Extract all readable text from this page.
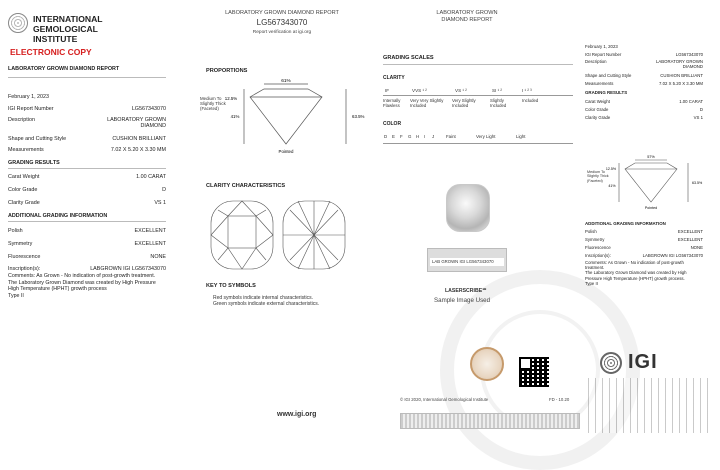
INTERNATIONAL
GEMOLOGICAL
INSTITUTE
ELECTRONIC COPY
LABORATORY GROWN DIAMOND REPORT
February 1, 2023
IGI Report Number	LG567343070
Description	LABORATORY GROWN
DIAMOND
Shape and Cutting Style	CUSHION BRILLIANT
Measurements	7.02 X 5.20 X 3.30 MM
GRADING RESULTS
Carat Weight	1.00 CARAT
Color Grade	D
Clarity Grade	VS 1
ADDITIONAL GRADING INFORMATION
Polish	EXCELLENT
Symmetry	EXCELLENT
Fluorescence	NONE
Inscription(s):	LABGROWN IGI LG567343070
Comments: As Grown - No indication of post-growth treatment.
The Laboratory Grown Diamond was created by High Pressure High Temperature (HPHT) growth process
Type II
LABORATORY GROWN DIAMOND REPORT
LG567343070
Report verification at igi.org
PROPORTIONS
61%
12.5%
41%	63.5%
Pointed
Medium To
Slightly Thick
(Faceted)
CLARITY CHARACTERISTICS
KEY TO SYMBOLS
Red symbols indicate internal characteristics.
Green symbols indicate external characteristics.
www.igi.org
LABORATORY GROWN
DIAMOND REPORT
GRADING SCALES
CLARITY
IF	VVS ¹ ²	VS ¹ ²	SI ¹ ²	I ¹ ² ³
Internally Flawless
Very Very Slightly Included
Very Slightly Included
Slightly Included
Included
COLOR
D	E	F	G	H	I	J	Faint	Very Light	Light
LAB GROWN IGI LG567343070
LASERSCRIBE℠
Sample Image Used
© IGI 2020, International Gemological Institute	FD - 10.20
February 1, 2023
IGI Report Number	LG567343070
Description	LABORATORY GROWN
DIAMOND
Shape and Cutting Style	CUSHION BRILLIANT
Measurements	7.02 X 5.20 X 3.30 MM
GRADING RESULTS
Carat Weight	1.00 CARAT
Color Grade	D
Clarity Grade	VS 1
57%
12.5%
41%
63.5%
Pointed
Medium To
Slightly Thick
(Faceted)
ADDITIONAL GRADING INFORMATION
Polish	EXCELLENT
Symmetry	EXCELLENT
Fluorescence	NONE
Inscription(s):	LABGROWN IGI LG567343070
Comments: As Grown - No indication of post-growth treatment.
The Laboratory Grown Diamond was created by High Pressure High Temperature (HPHT) growth process.
Type II
IGI
